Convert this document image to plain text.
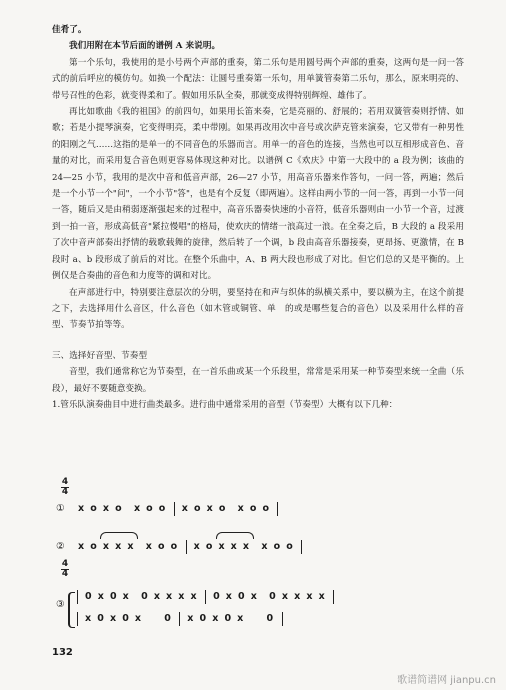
佳肴了。

我们用附在本节后面的谱例 A 来说明。

第一个乐句，我使用的是小号两个声部的重奏，第二乐句是用圆号两个声部的重奏，这两句是一问一答式的前后呼应的模仿句。如换一个配法：让圆号重奏第一乐句，用单簧管奏第二乐句，那么，原来明亮的、带号召性的色彩，就变得柔和了。假如用乐队全奏，那就变成得特别辉煌、雄伟了。

再比如歌曲《我的祖国》的前四句，如果用长笛来奏，它是亮丽的、舒展的；若用双簧管奏则抒情、如歌；若是小提琴演奏，它变得明亮，柔中带刚。如果再改用次中音号或次萨克管来演奏，它又带有一种男性的阳刚之气……这指的是单一的不同音色的乐器而言。用单一的音色的连接，当然也可以互相形成音色、音量的对比，而采用复合音色则更容易体现这种对比。以谱例 C《欢庆》中第一大段中的 a 段为例；该曲的 24—25 小节，我用的是次中音和低音声部，26—27 小节，用高音乐器来作答句，一问一答，两遍；然后是一个小节一个"问"，一个小节"答"，也是有个反复（即两遍）。这样由两小节的一问一答，再到一小节一问一答，随后又是由稍弱逐渐强起来的过程中，高音乐器奏快速的小音符，低音乐器则由一小节一个音，过渡到一拍一音，形成高低音"紧拉慢唱"的格局，使欢庆的情绪一浪高过一浪。在全奏之后，B 大段的 a 段采用了次中音声部奏出抒情的载歌载舞的旋律，然后转了一个调，b 段由高音乐器接奏，更昂扬、更激情，在 B 段时 a、b 段形成了前后的对比。在整个乐曲中，A、B 两大段也形成了对比。但它们总的又是平衡的。上例仅是合奏曲的音色和力度等的调和对比。

在声部进行中，特别要注意层次的分明，要坚持在和声与织体的纵横关系中，要以横为主，在这个前提之下，去选择用什么音区，什么音色（如木管或铜管、单　的或是哪些复合的音色）以及采用什么样的音型、节奏节拍等等。

三、选择好音型、节奏型

音型，我们通常称它为节奏型，在一首乐曲或某一个乐段里，常常是采用某一种节奏型来统一全曲（乐段），最好不要随意变换。

1.管乐队演奏曲目中进行曲类最多。进行曲中通常采用的音型（节奏型）大概有以下几种：

4
4
① x o x o　 x o o x o x o　 x o o
② x o x x x　 x o o x o x x x　 x o o
4
4
0 x 0 x　 0 x x x x 0 x 0 x　 0 x x x x
③
x 0 x 0 x　　 0 x 0 x 0 x　　 0
132
歌谱简谱网 jianpu.cn
